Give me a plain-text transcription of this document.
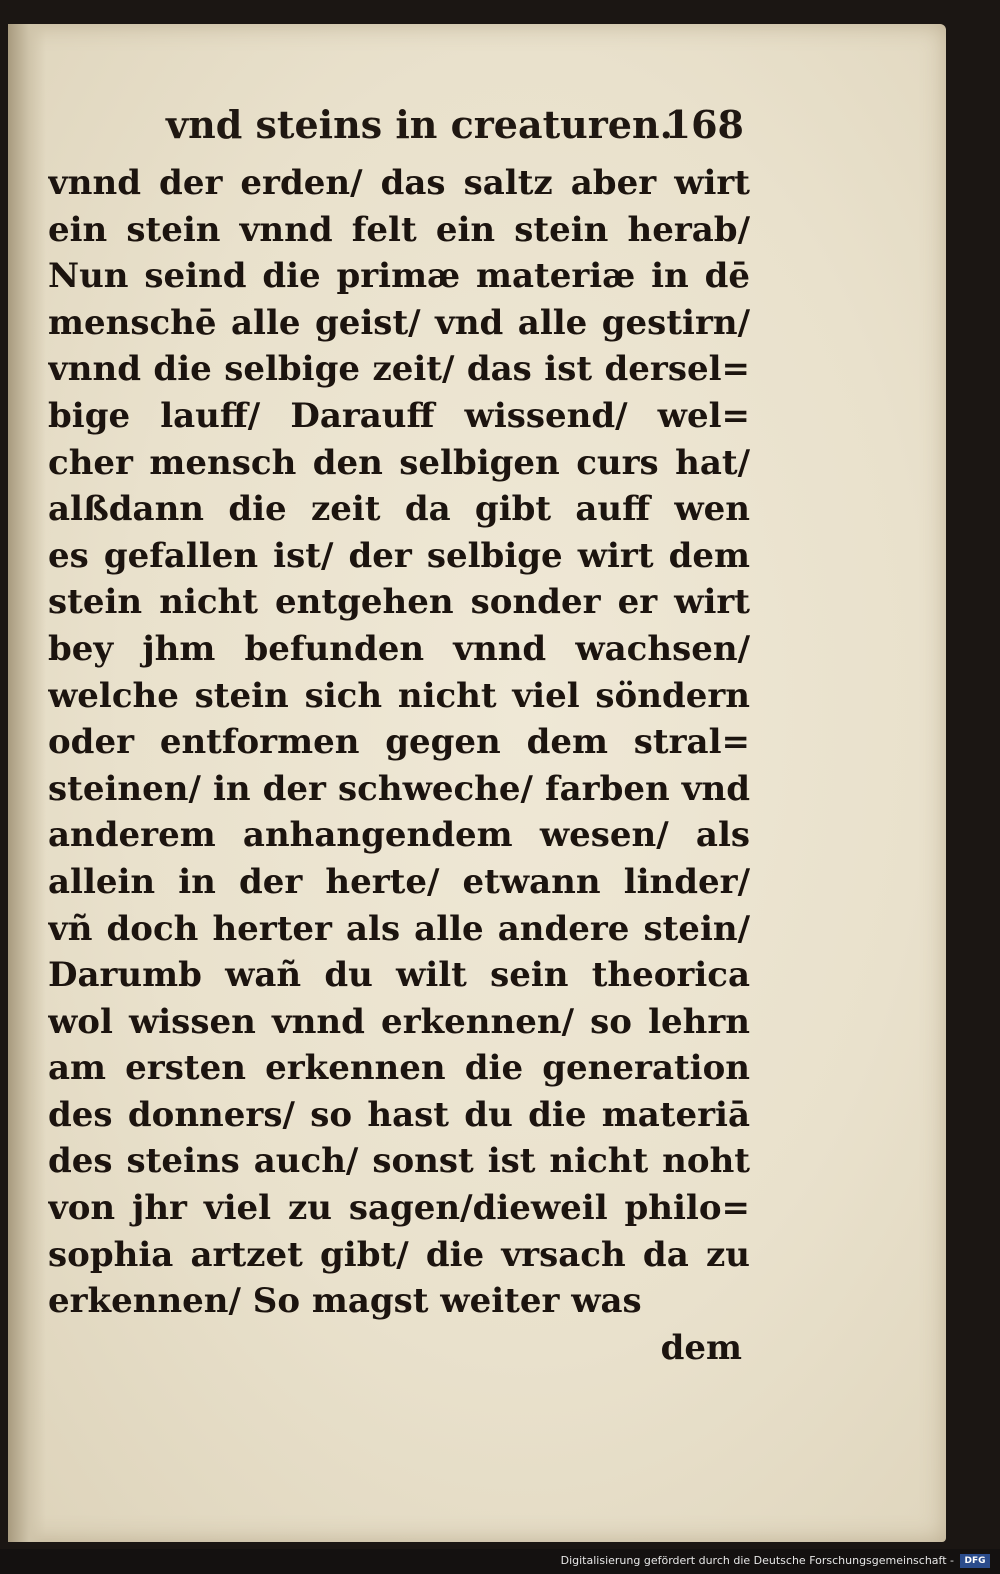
vnd steins in creaturen.
168
vnnd der erden/ das saltz aber wirt
ein stein vnnd felt ein stein herab/
Nun seind die primæ materiæ in dē
menschē alle geist/ vnd alle gestirn/
vnnd die selbige zeit/ das ist dersel=
bige lauff/ Darauff wissend/ wel=
cher mensch den selbigen curs hat/
alßdann die zeit da gibt auff wen
es gefallen ist/ der selbige wirt dem
stein nicht entgehen sonder er wirt
bey jhm befunden vnnd wachsen/
welche stein sich nicht viel söndern
oder entformen gegen dem stral=
steinen/ in der schweche/ farben vnd
anderem anhangendem wesen/ als
allein in der herte/ etwann linder/
vñ doch herter als alle andere stein/
Darumb wañ du wilt sein theorica
wol wissen vnnd erkennen/ so lehrn
am ersten erkennen die generation
des donners/ so hast du die materiā
des steins auch/ sonst ist nicht noht
von jhr viel zu sagen/dieweil philo=
sophia artzet gibt/ die vrsach da zu
erkennen/ So magst weiter was
dem
Digitalisierung gefördert durch die Deutsche Forschungsgemeinschaft -	DFG
